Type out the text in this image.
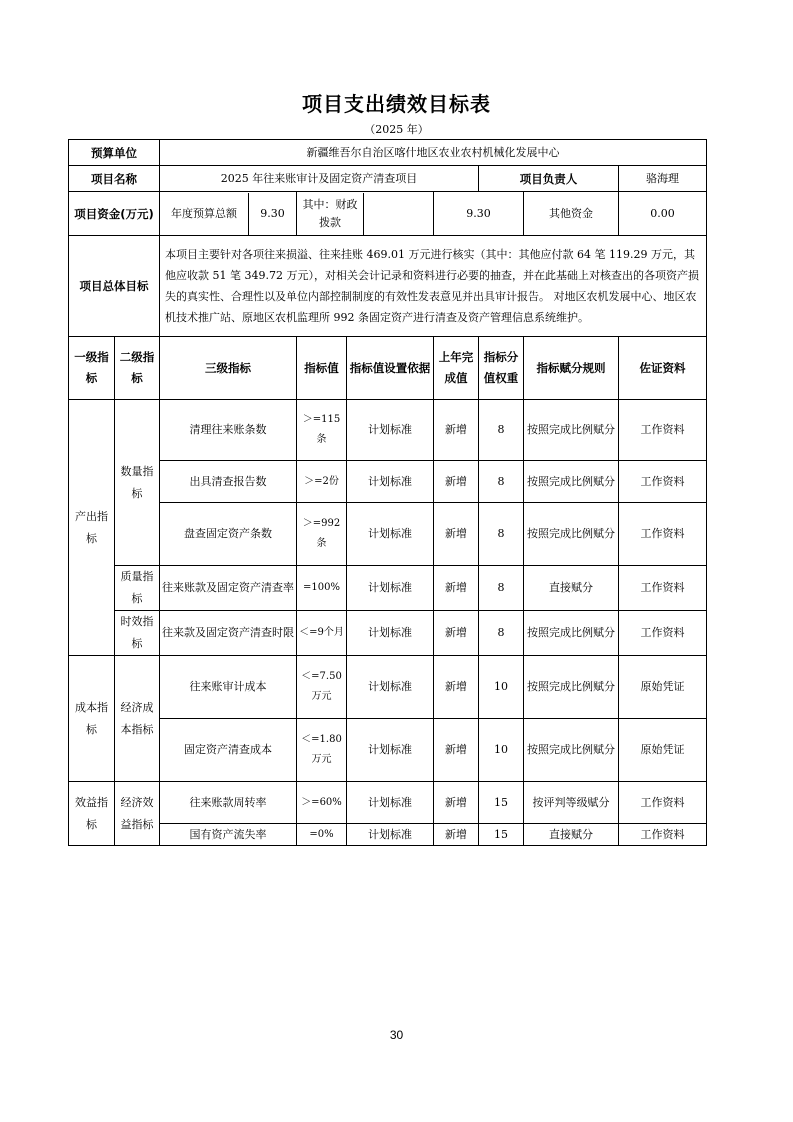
项目支出绩效目标表
（2025 年）
预算单位		新疆维吾尔自治区喀什地区农业农村机械化发展中心						
项目名称		2025 年往来账审计及固定资产清查项目				项目负责人		骆海理
项目资金(万元)		年度预算总额 9.30	其中：财政拨款		9.30		其他资金	0.00
项目总体目标		本项目主要针对各项往来损溢、往来挂账 469.01 万元进行核实（其中：其他应付款 64 笔 119.29 万元，其他应收款 51 笔 349.72 万元），对相关会计记录和资料进行必要的抽查，并在此基础上对核查出的各项资产损失的真实性、合理性以及单位内部控制制度的有效性发表意见并出具审计报告。 对地区农机发展中心、地区农机技术推广站、原地区农机监理所 992 条固定资产进行清查及资产管理信息系统维护。						
一级指标	二级指标	三级指标	指标值	指标值设置依据	上年完成值	指标分值权重	指标赋分规则	佐证资料
产出指标	数量指标	清理往来账条数	＞=115条	计划标准	新增	8	按照完成比例赋分	工作资料
		出具清查报告数	＞=2份	计划标准	新增	8	按照完成比例赋分	工作资料
		盘查固定资产条数	＞=992条	计划标准	新增	8	按照完成比例赋分	工作资料
	质量指标	往来账款及固定资产清查率	=100%	计划标准	新增	8	直接赋分	工作资料
	时效指标	往来款及固定资产清查时限	＜=9个月	计划标准	新增	8	按照完成比例赋分	工作资料
成本指标	经济成本指标	往来账审计成本	＜=7.50万元	计划标准	新增	10	按照完成比例赋分	原始凭证
		固定资产清查成本	＜=1.80万元	计划标准	新增	10	按照完成比例赋分	原始凭证
效益指标	经济效益指标	往来账款周转率	＞=60%	计划标准	新增	15	按评判等级赋分	工作资料
		国有资产流失率	=0%	计划标准	新增	15	直接赋分	工作资料
30
